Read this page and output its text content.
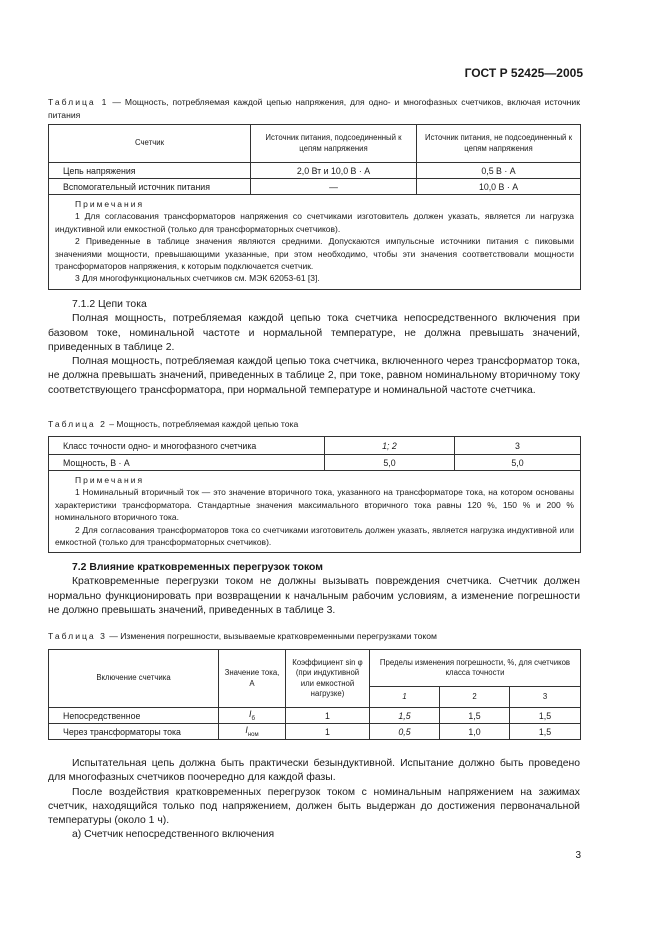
ГОСТ Р 52425—2005
Таблица 1 — Мощность, потребляемая каждой цепью напряжения, для одно- и многофазных счетчиков, включая источник питания
Счетчик	Источник питания, подсоединенный к цепям напряжения	Источник питания, не подсоединенный к цепям напряжения
Цепь напряжения	2,0 Вт и 10,0 В · А	0,5 В · А
Вспомогательный источник питания	—	10,0 В · А

Примечания

1 Для согласования трансформаторов напряжения со счетчиками изготовитель должен указать, является ли нагрузка индуктивной или емкостной (только для трансформаторных счетчиков).

2 Приведенные в таблице значения являются средними. Допускаются импульсные источники питания с пиковыми значениями мощности, превышающими указанные, при этом необходимо, чтобы эти значения соответствовали мощности трансформаторов напряжения, к которым подключается счетчик.

3 Для многофункциональных счетчиков см. МЭК 62053-61 [3].		

7.1.2 Цепи тока

Полная мощность, потребляемая каждой цепью тока счетчика непосредственного включения при базовом токе, номинальной частоте и нормальной температуре, не должна превышать значений, приведенных в таблице 2.

Полная мощность, потребляемая каждой цепью тока счетчика, включенного через трансформатор тока, не должна превышать значений, приведенных в таблице 2, при токе, равном номинальному вторичному току соответствующего трансформатора, при нормальной температуре и номинальной частоте счетчика.

Таблица 2 – Мощность, потребляемая каждой цепью тока
Класс точности одно- и многофазного счетчика	1; 2	3
Мощность, В · А	5,0	5,0

Примечания

1 Номинальный вторичный ток — это значение вторичного тока, указанного на трансформаторе тока, на котором основаны характеристики трансформатора. Стандартные значения максимального вторичного тока равны 120 %, 150 % и 200 % номинального вторичного тока.

2 Для согласования трансформаторов тока со счетчиками изготовитель должен указать, является нагрузка индуктивной или емкостной (только для трансформаторных счетчиков).		

7.2 Влияние кратковременных перегрузок током

Кратковременные перегрузки током не должны вызывать повреждения счетчика. Счетчик должен нормально функционировать при возвращении к начальным рабочим условиям, а изменение погрешности не должно превышать значений, приведенных в таблице 3.

Таблица 3 — Изменения погрешности, вызываемые кратковременными перегрузками током
Включение счетчика	Значение тока, А	Коэффициент sin φ (при индуктивной или емкостной нагрузке)	Пределы изменения погрешности, %, для счетчиков класса точности		
			1	2	3
Непосредственное	$I_б$	1	1,5	1,5	1,5
Через трансформаторы тока	$I_{ном}$	1	0,5	1,0	1,5

Испытательная цепь должна быть практически безындуктивной. Испытание должно быть проведено для многофазных счетчиков поочередно для каждой фазы.

После воздействия кратковременных перегрузок током с номинальным напряжением на зажимах счетчик, находящийся только под напряжением, должен быть выдержан до достижения первоначальной температуры (около 1 ч).

а) Счетчик непосредственного включения

3
